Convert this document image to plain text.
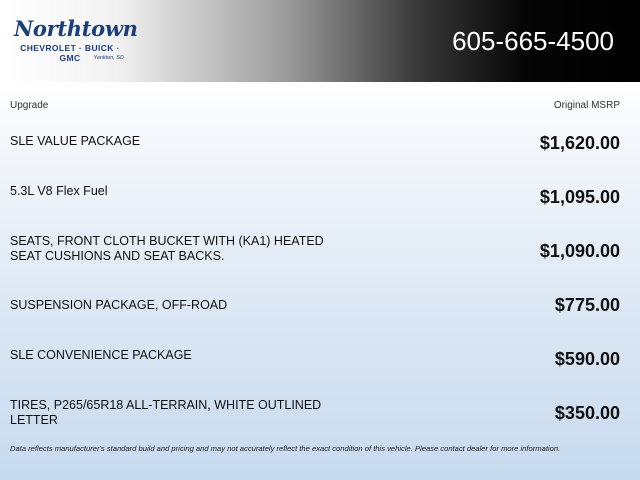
Northtown
CHEVROLET · BUICK · GMC	Yankton, SD
605-665-4500
Upgrade	Original MSRP
SLE VALUE PACKAGE	$1,620.00
5.3L V8 Flex Fuel	$1,095.00
SEATS, FRONT CLOTH BUCKET WITH (KA1) HEATED SEAT CUSHIONS AND SEAT BACKS.	$1,090.00
SUSPENSION PACKAGE, OFF-ROAD	$775.00
SLE CONVENIENCE PACKAGE	$590.00
TIRES, P265/65R18 ALL-TERRAIN, WHITE OUTLINED LETTER	$350.00
Data reflects manufacturer's standard build and pricing and may not accurately reflect the exact condition of this vehicle. Please contact dealer for more information.
